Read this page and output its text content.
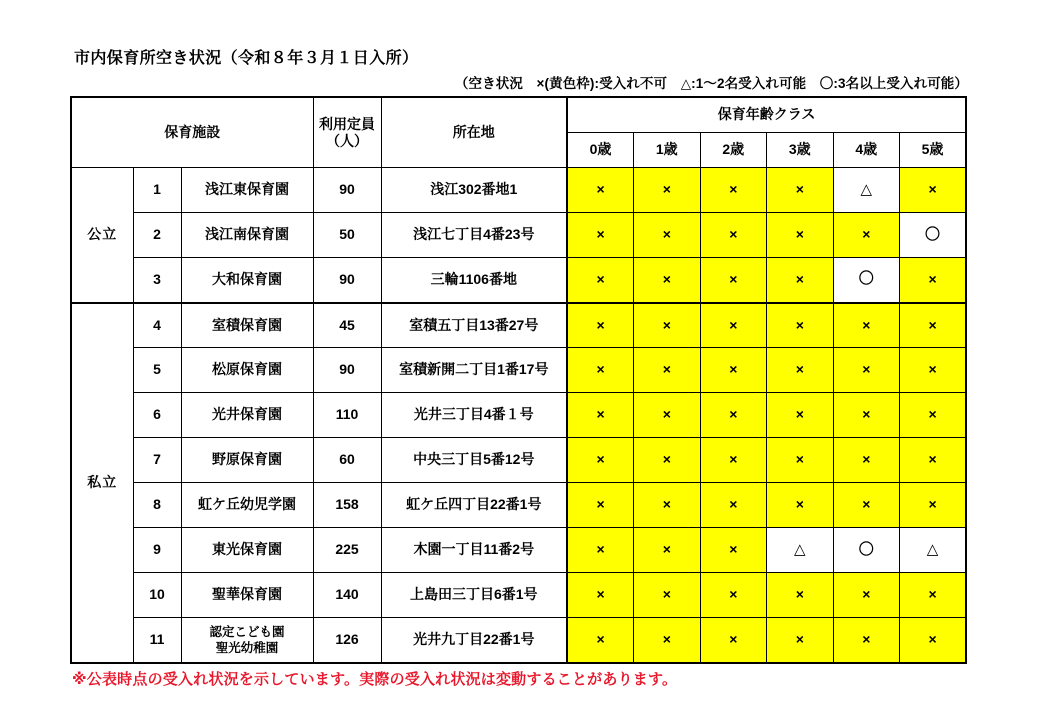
市内保育所空き状況（令和８年３月１日入所）
（空き状況　×(黄色枠):受入れ不可　△:1～2名受入れ可能　〇:3名以上受入れ可能）
保育施設			利用定員
（人）	所在地	保育年齢クラス					
					0歳	1歳	2歳	3歳	4歳	5歳
公立	1	浅江東保育園	90	浅江302番地1	×	×	×	×	△	×
	2	浅江南保育園	50	浅江七丁目4番23号	×	×	×	×	×	〇
	3	大和保育園	90	三輪1106番地	×	×	×	×	〇	×
私立	4	室積保育園	45	室積五丁目13番27号	×	×	×	×	×	×
	5	松原保育園	90	室積新開二丁目1番17号	×	×	×	×	×	×
	6	光井保育園	110	光井三丁目4番１号	×	×	×	×	×	×
	7	野原保育園	60	中央三丁目5番12号	×	×	×	×	×	×
	8	虹ケ丘幼児学園	158	虹ケ丘四丁目22番1号	×	×	×	×	×	×
	9	東光保育園	225	木園一丁目11番2号	×	×	×	△	〇	△
	10	聖華保育園	140	上島田三丁目6番1号	×	×	×	×	×	×
	11	認定こども園
聖光幼稚園	126	光井九丁目22番1号	×	×	×	×	×	×
※公表時点の受入れ状況を示しています。実際の受入れ状況は変動することがあります。
